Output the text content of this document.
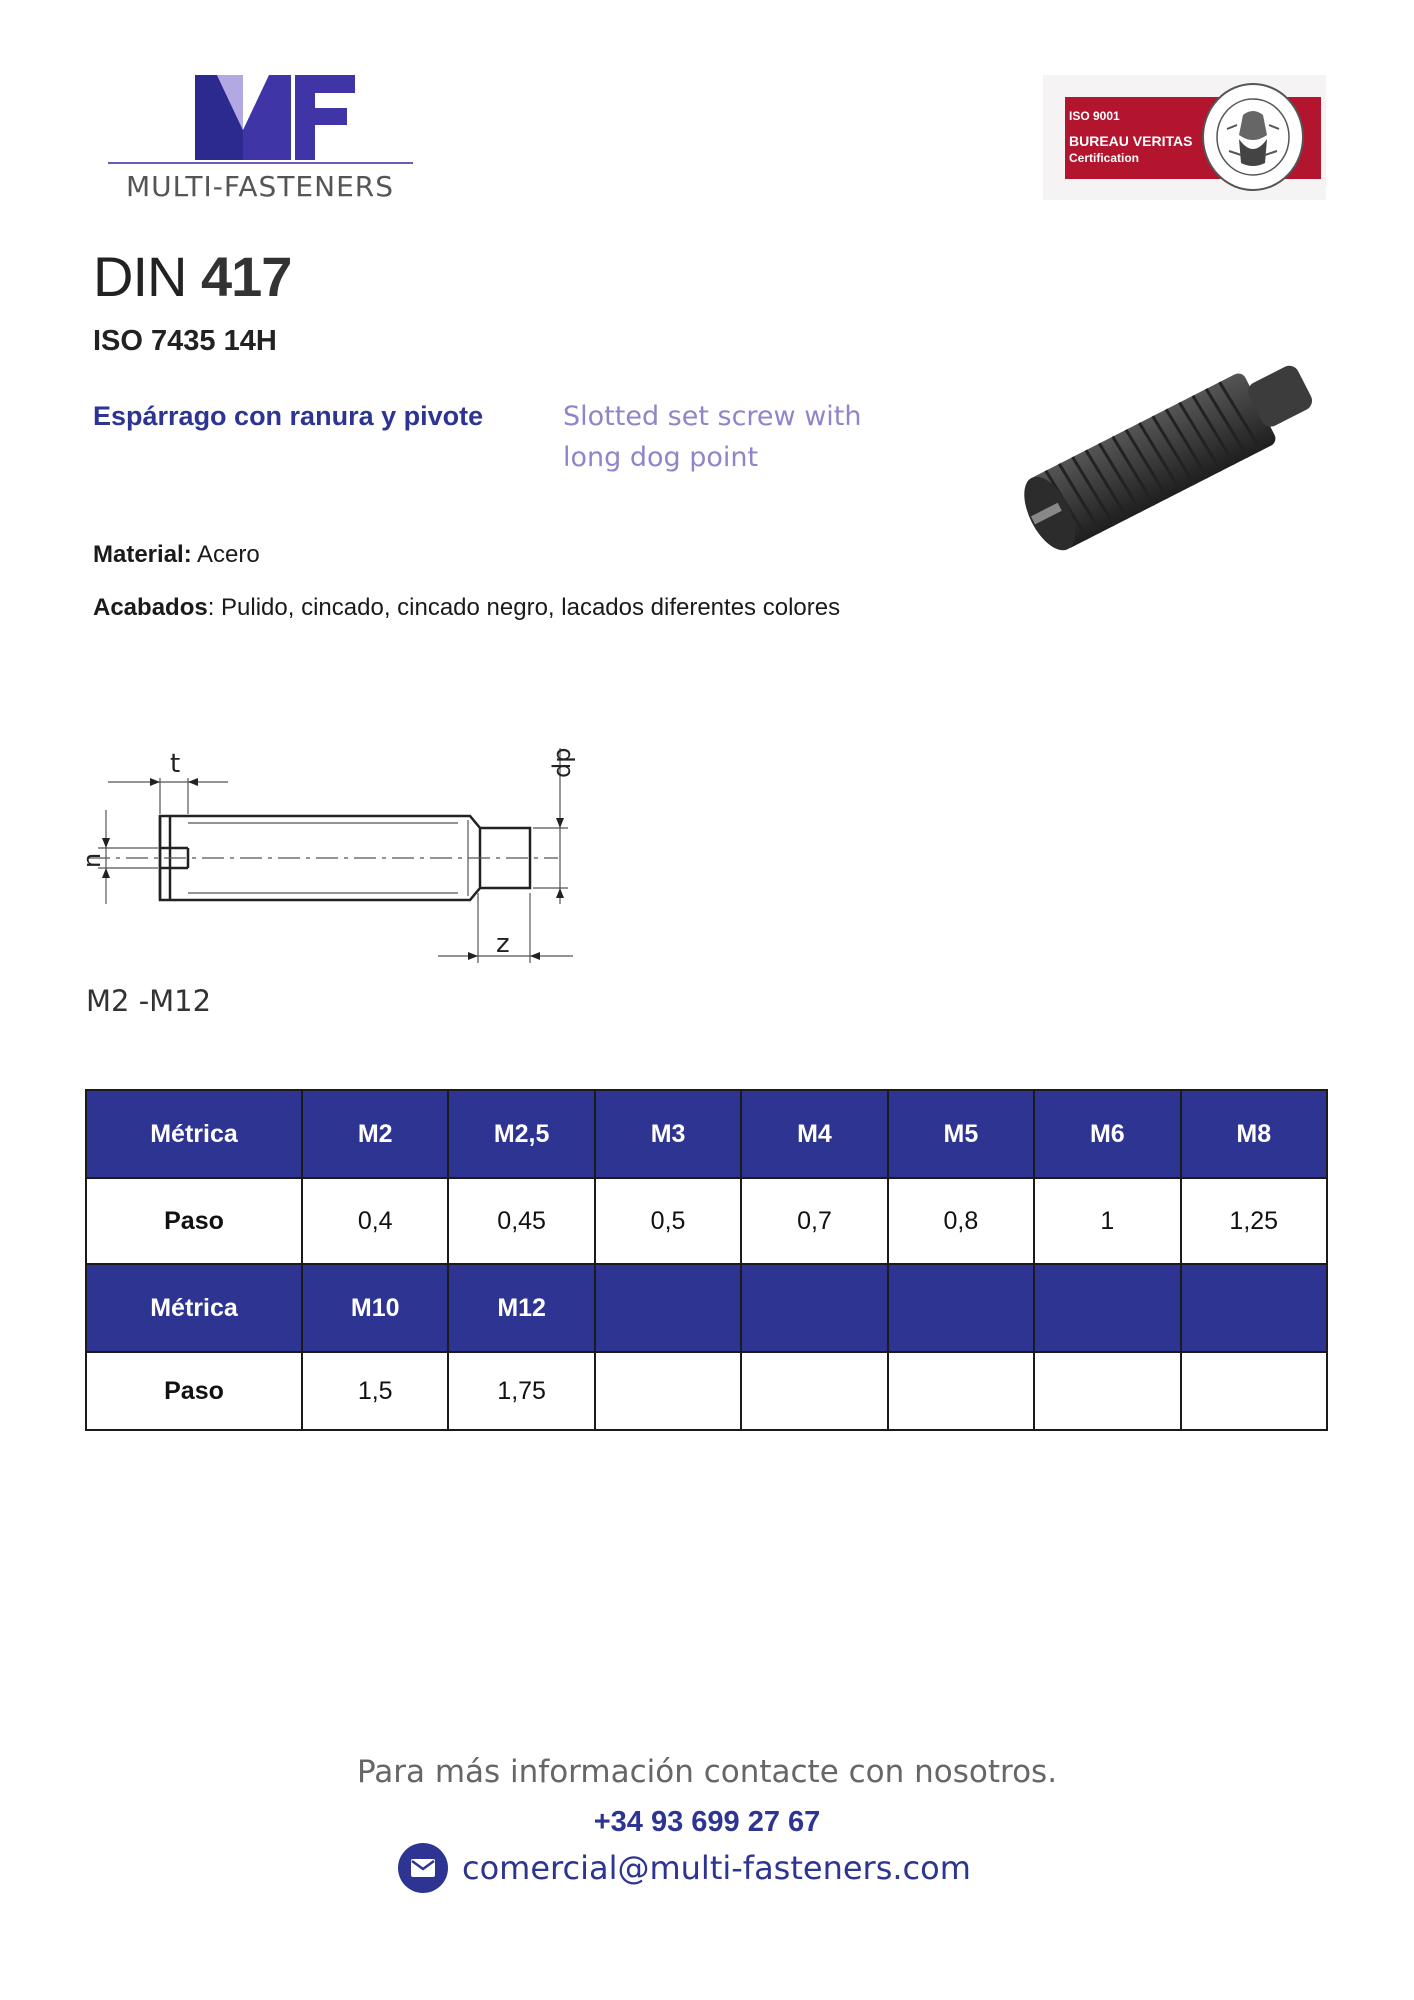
MULTI-FASTENERS
ISO 9001
BUREAU VERITAS
Certification
DIN 417
ISO 7435 14H
Espárrago con ranura y pivote	Slotted set screw with long dog point
Material: Acero
Acabados: Pulido, cincado, cincado negro, lacados diferentes colores
t	dp
n
z
M2 -M12
Métrica	M2	M2,5	M3	M4	M5	M6	M8
Paso	0,4	0,45	0,5	0,7	0,8	1	1,25
Métrica	M10	M12					
Paso	1,5	1,75					
Para más información contacte con nosotros.
+34 93 699 27 67
comercial@multi-fasteners.com
